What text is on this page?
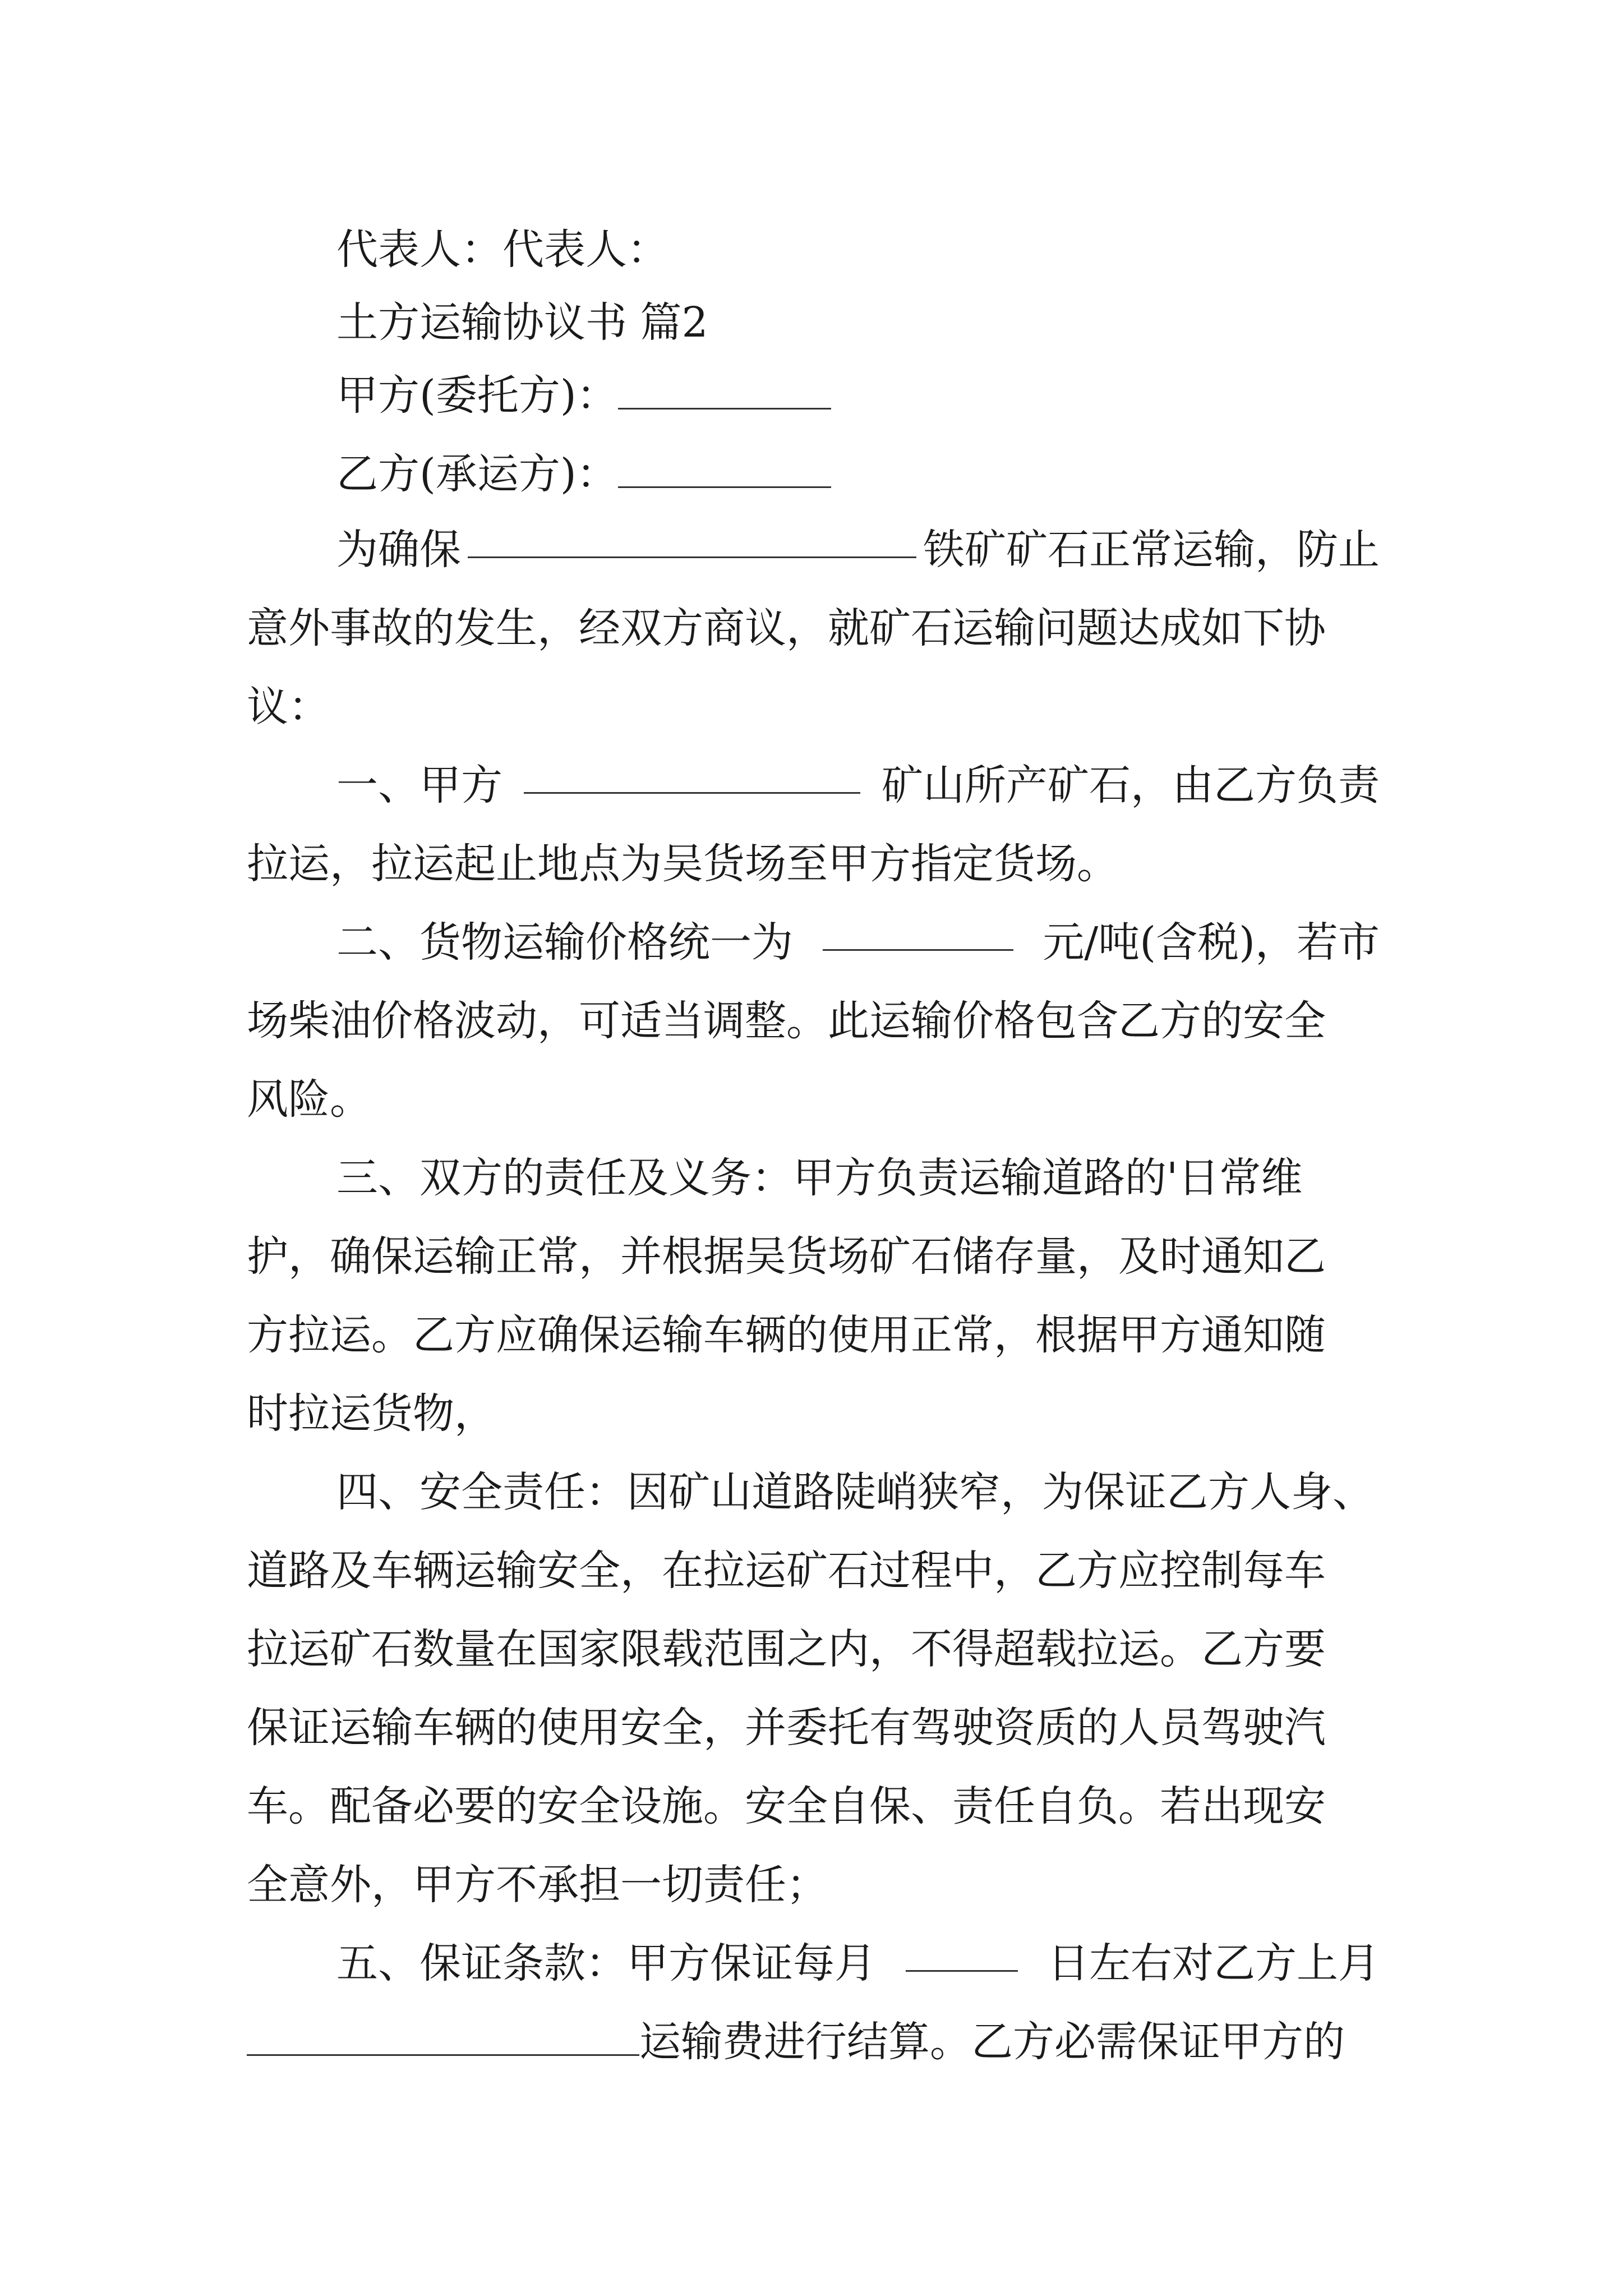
代表人：代表人：
土方运输协议书 篇2
甲方(委托方)：
乙方(承运方)：
为确保	铁矿矿石正常运输，防止
意外事故的发生，经双方商议，就矿石运输问题达成如下协
议：
一、甲方	矿山所产矿石，由乙方负责
拉运，拉运起止地点为吴货场至甲方指定货场。
二、货物运输价格统一为	元/吨(含税)，若市
场柴油价格波动，可适当调整。此运输价格包含乙方的安全
风险。
三、双方的责任及义务：甲方负责运输道路的'日常维
护，确保运输正常，并根据吴货场矿石储存量，及时通知乙
方拉运。乙方应确保运输车辆的使用正常，根据甲方通知随
时拉运货物，
四、安全责任：因矿山道路陡峭狭窄，为保证乙方人身、
道路及车辆运输安全，在拉运矿石过程中，乙方应控制每车
拉运矿石数量在国家限载范围之内，不得超载拉运。乙方要
保证运输车辆的使用安全，并委托有驾驶资质的人员驾驶汽
车。配备必要的安全设施。安全自保、责任自负。若出现安
全意外，甲方不承担一切责任；
五、保证条款：甲方保证每月	日左右对乙方上月
运输费进行结算。乙方必需保证甲方的
